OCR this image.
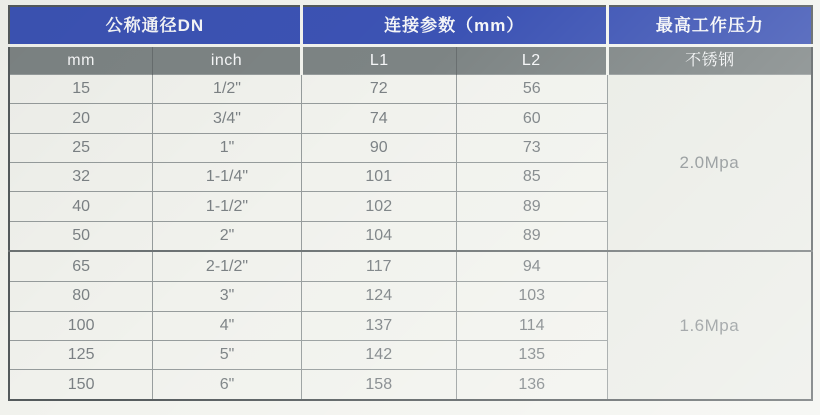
公称通径DN		连接参数（mm）		最高工作压力
mm	inch	L1	L2	不锈钢
15	1/2"	72	56	2.0Mpa
20	3/4"	74	60	
25	1"	90	73	
32	1-1/4"	101	85	
40	1-1/2"	102	89	
50	2"	104	89	
65	2-1/2"	117	94	1.6Mpa
80	3"	124	103	
100	4"	137	114	
125	5"	142	135	
150	6"	158	136	
